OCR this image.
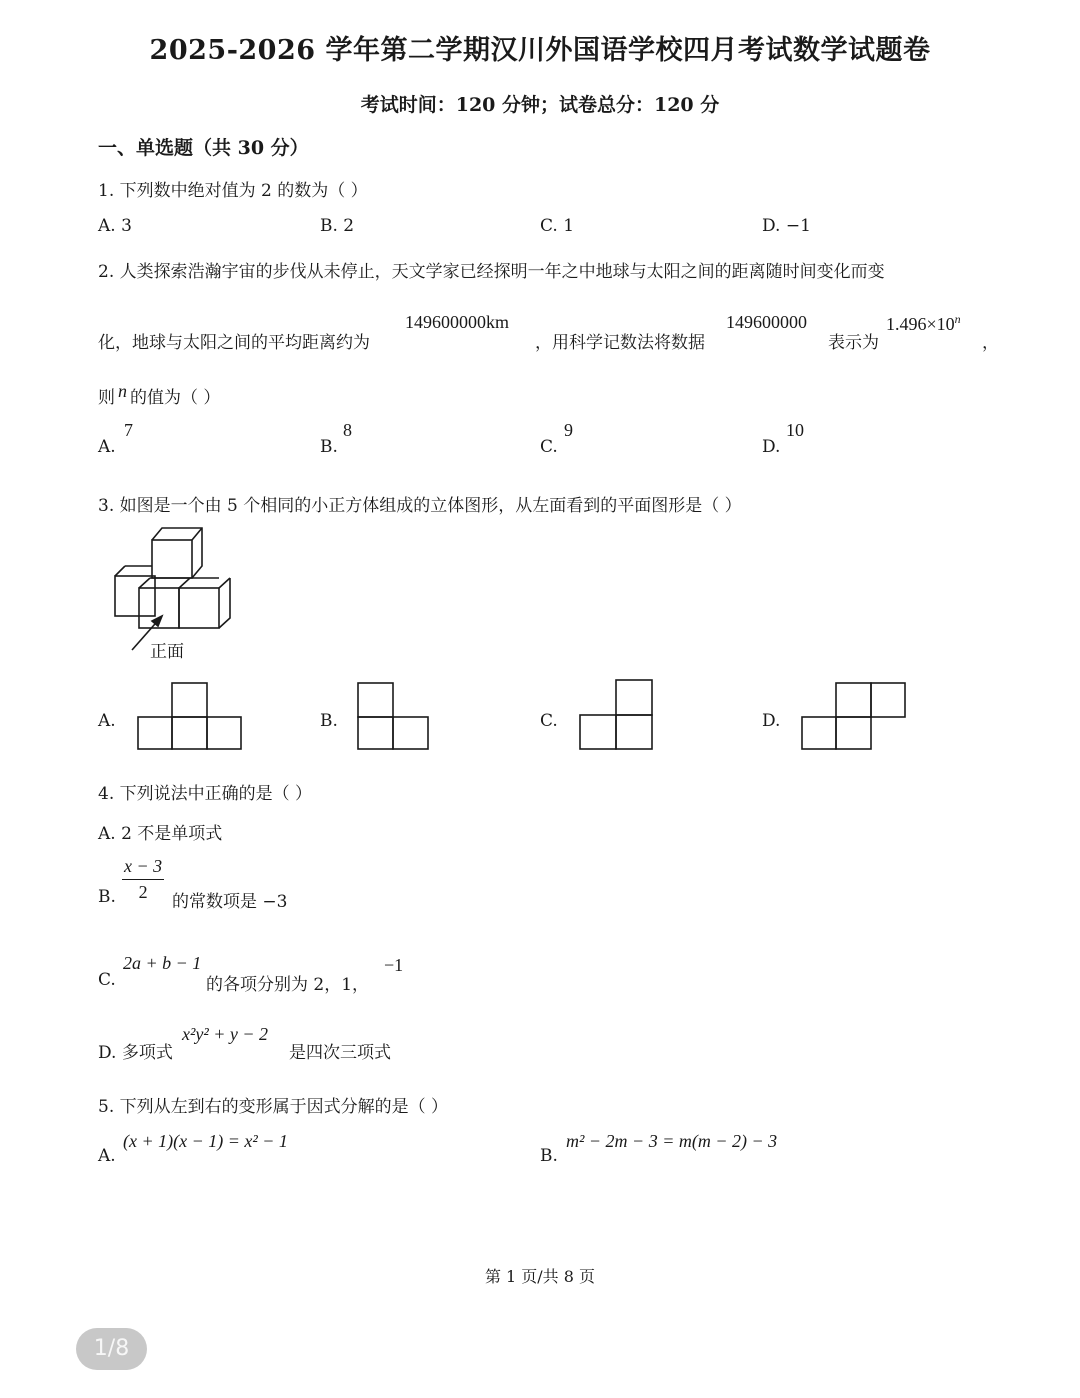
2025-2026 学年第二学期汉川外国语学校四月考试数学试题卷
考试时间：120 分钟；试卷总分：120 分
一、单选题（共 30 分）
1. 下列数中绝对值为 2 的数为（ ）
A. 3	B. 2	C. 1	D. −1
2. 人类探索浩瀚宇宙的步伐从未停止，天文学家已经探明一年之中地球与太阳之间的距离随时间变化而变
化，地球与太阳之间的平均距离约为
149600000km
，用科学记数法将数据
149600000
表示为
$1.496\times 10^n$
，
则 n 的值为（ ）
A.
7
B.
8
C.
9
D.
10
3. 如图是一个由 5 个相同的小正方体组成的立体图形，从左面看到的平面图形是（ ）
正面
A.	B.	C.	D.
4. 下列说法中正确的是（ ）
A. 2 不是单项式
B. $\frac{x - 3}{2}$ 的常数项是 −3
C.
2a + b − 1
的各项分别为 2，1，
−1
D. 多项式
x²y² + y − 2
是四次三项式
5. 下列从左到右的变形属于因式分解的是（ ）
A.
(x + 1)(x − 1) = x² − 1
B.
m² − 2m − 3 = m(m − 2) − 3
第 1 页/共 8 页
1/8
